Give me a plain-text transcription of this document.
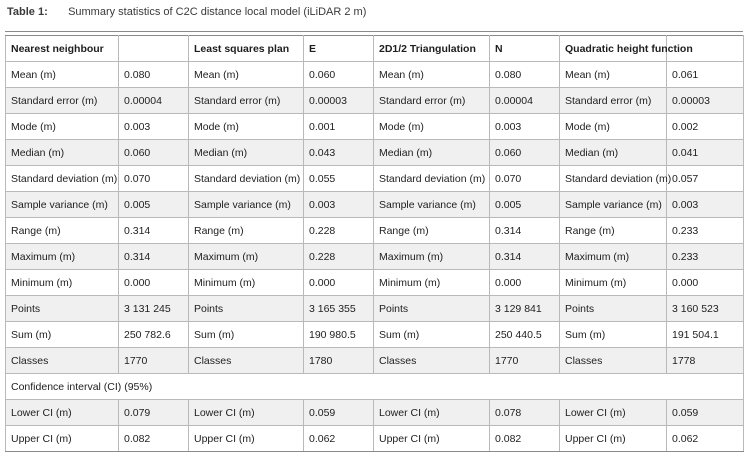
Table 1: Summary statistics of C2C distance local model (iLiDAR 2 m)
Nearest neighbour		Least squares plan	E	2D1/2 Triangulation	N	Quadratic height function	
Mean (m)	0.080	Mean (m)	0.060	Mean (m)	0.080	Mean (m)	0.061
Standard error (m)	0.00004	Standard error (m)	0.00003	Standard error (m)	0.00004	Standard error (m)	0.00003
Mode (m)	0.003	Mode (m)	0.001	Mode (m)	0.003	Mode (m)	0.002
Median (m)	0.060	Median (m)	0.043	Median (m)	0.060	Median (m)	0.041
Standard deviation (m)	0.070	Standard deviation (m)	0.055	Standard deviation (m)	0.070	Standard deviation (m)	0.057
Sample variance (m)	0.005	Sample variance (m)	0.003	Sample variance (m)	0.005	Sample variance (m)	0.003
Range (m)	0.314	Range (m)	0.228	Range (m)	0.314	Range (m)	0.233
Maximum (m)	0.314	Maximum (m)	0.228	Maximum (m)	0.314	Maximum (m)	0.233
Minimum (m)	0.000	Minimum (m)	0.000	Minimum (m)	0.000	Minimum (m)	0.000
Points	3 131 245	Points	3 165 355	Points	3 129 841	Points	3 160 523
Sum (m)	250 782.6	Sum (m)	190 980.5	Sum (m)	250 440.5	Sum (m)	191 504.1
Classes	1770	Classes	1780	Classes	1770	Classes	1778
Confidence interval (CI) (95%)							
Lower CI (m)	0.079	Lower CI (m)	0.059	Lower CI (m)	0.078	Lower CI (m)	0.059
Upper CI (m)	0.082	Upper CI (m)	0.062	Upper CI (m)	0.082	Upper CI (m)	0.062
